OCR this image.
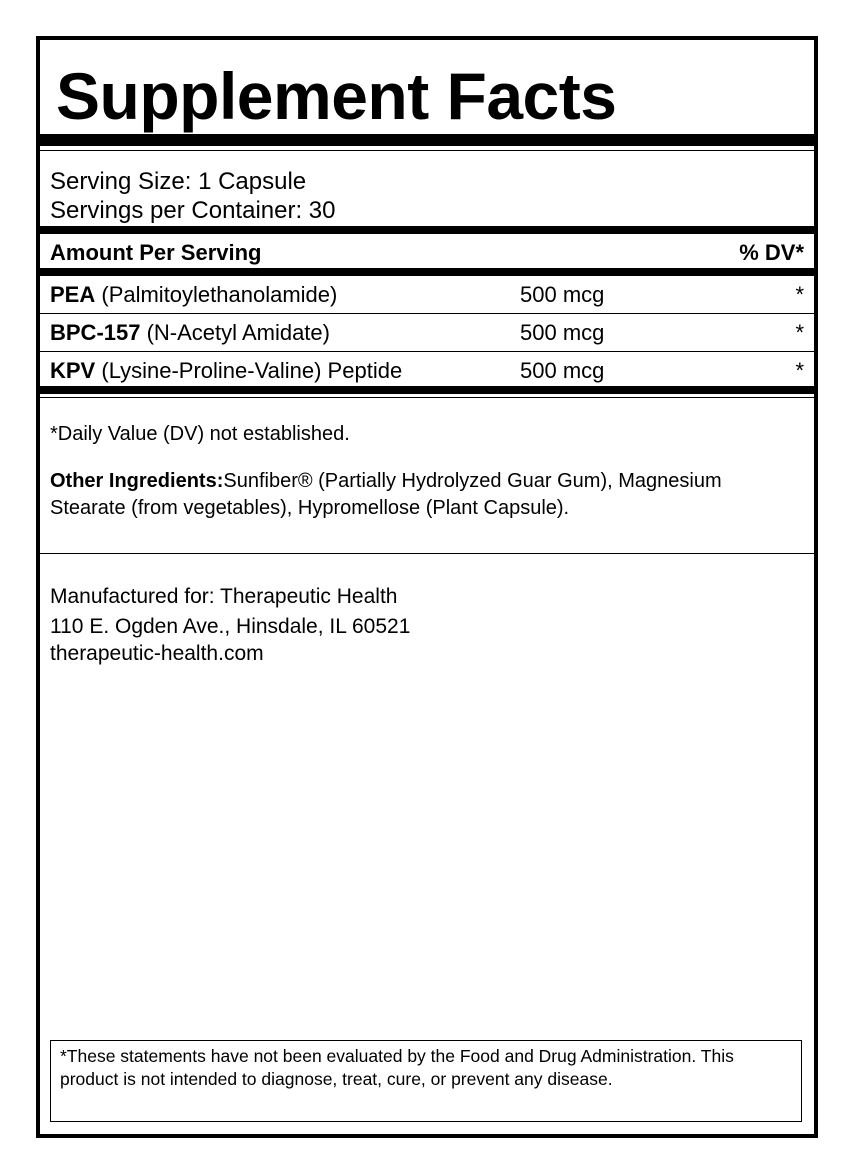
Supplement Facts
Serving Size: 1 Capsule
Servings per Container: 30
Amount Per Serving	% DV*
PEA (Palmitoylethanolamide)	500 mcg	*
BPC-157 (N-Acetyl Amidate)	500 mcg	*
KPV (Lysine-Proline-Valine) Peptide	500 mcg	*
*Daily Value (DV) not established.
Other Ingredients:Sunfiber® (Partially Hydrolyzed Guar Gum), Magnesium Stearate (from vegetables), Hypromellose (Plant Capsule).
Manufactured for: Therapeutic Health
110 E. Ogden Ave., Hinsdale, IL 60521
therapeutic-health.com
*These statements have not been evaluated by the Food and Drug Administration. This product is not intended to diagnose, treat, cure, or prevent any disease.
